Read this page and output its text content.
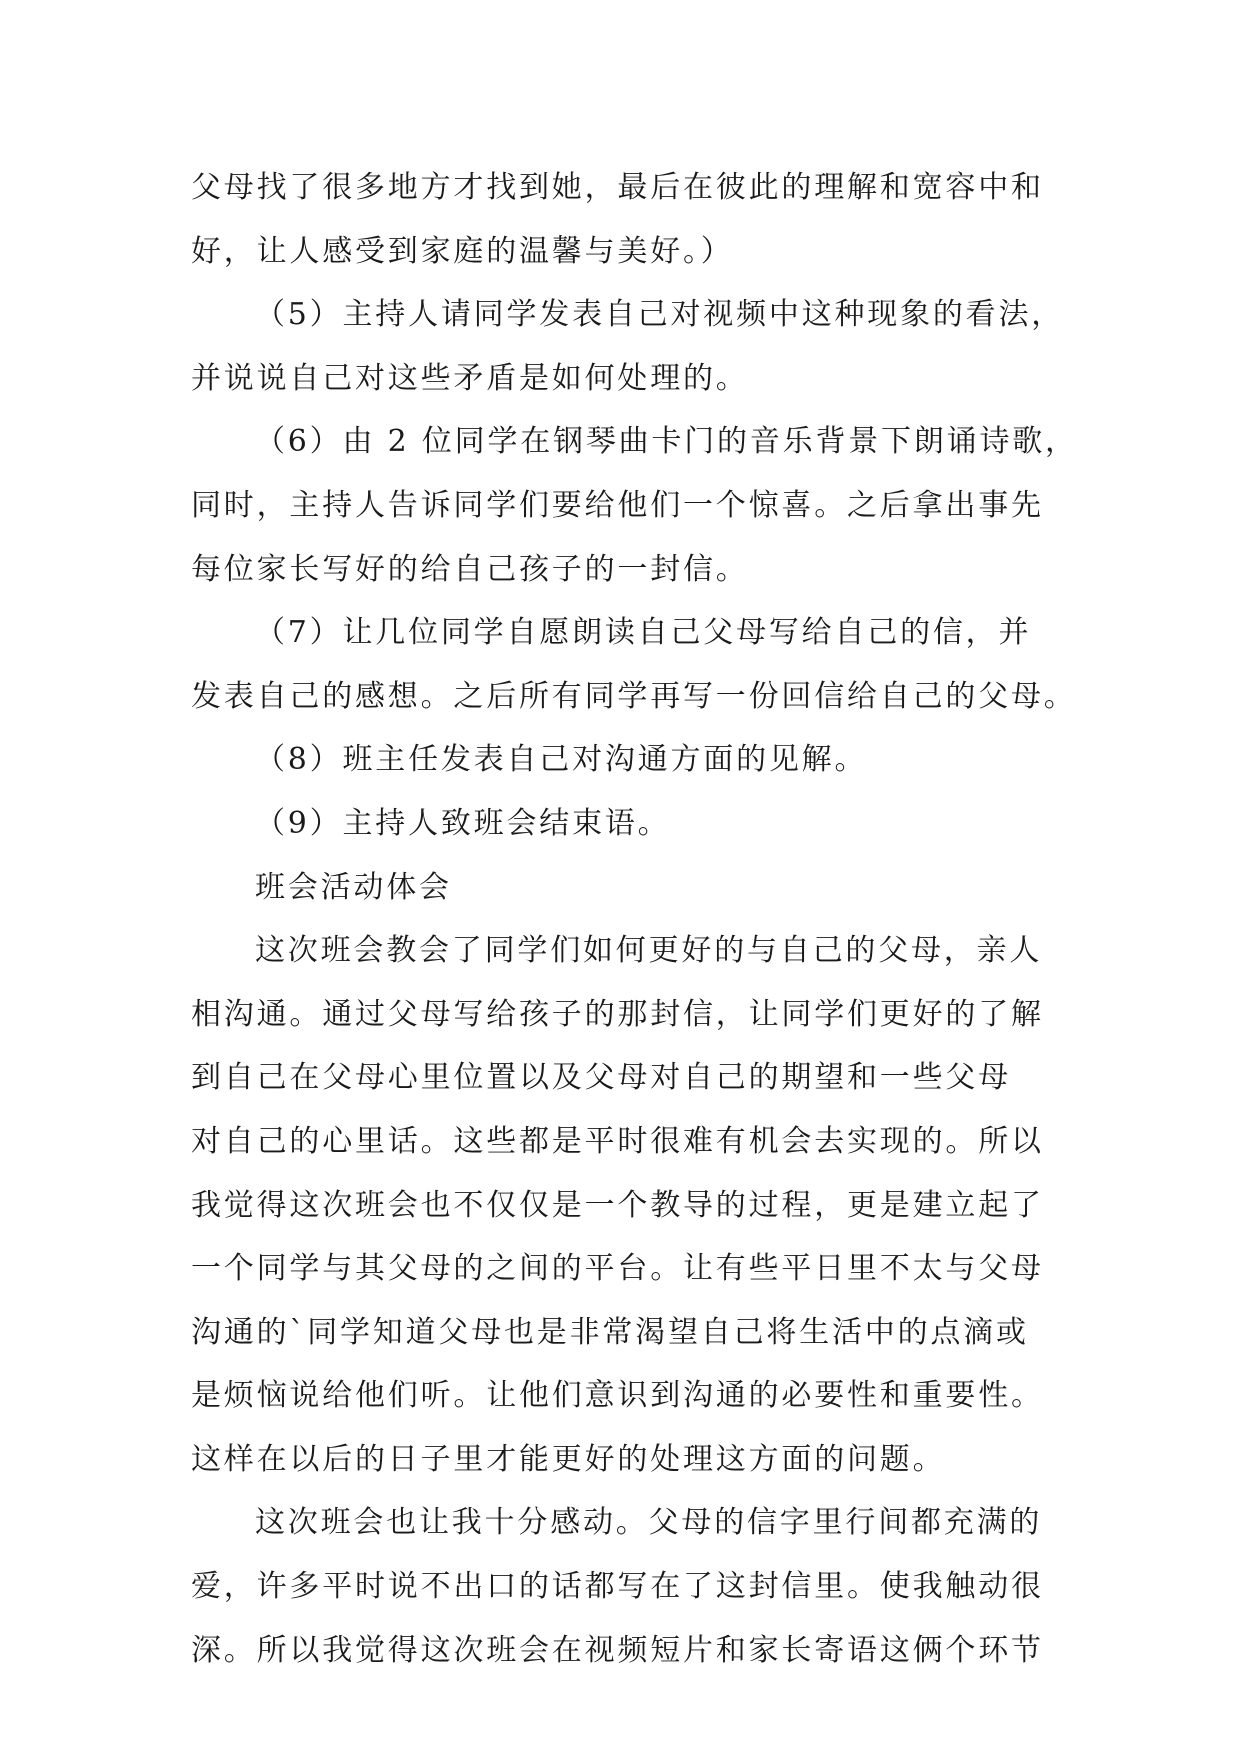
父母找了很多地方才找到她，最后在彼此的理解和宽容中和
好，让人感受到家庭的温馨与美好。）
（5）主持人请同学发表自己对视频中这种现象的看法，
并说说自己对这些矛盾是如何处理的。
（6）由 2 位同学在钢琴曲卡门的音乐背景下朗诵诗歌，
同时，主持人告诉同学们要给他们一个惊喜。之后拿出事先
每位家长写好的给自己孩子的一封信。
（7）让几位同学自愿朗读自己父母写给自己的信，并
发表自己的感想。之后所有同学再写一份回信给自己的父母。
（8）班主任发表自己对沟通方面的见解。
（9）主持人致班会结束语。
班会活动体会
这次班会教会了同学们如何更好的与自己的父母，亲人
相沟通。通过父母写给孩子的那封信，让同学们更好的了解
到自己在父母心里位置以及父母对自己的期望和一些父母
对自己的心里话。这些都是平时很难有机会去实现的。所以
我觉得这次班会也不仅仅是一个教导的过程，更是建立起了
一个同学与其父母的之间的平台。让有些平日里不太与父母
沟通的`同学知道父母也是非常渴望自己将生活中的点滴或
是烦恼说给他们听。让他们意识到沟通的必要性和重要性。
这样在以后的日子里才能更好的处理这方面的问题。
这次班会也让我十分感动。父母的信字里行间都充满的
爱，许多平时说不出口的话都写在了这封信里。使我触动很
深。所以我觉得这次班会在视频短片和家长寄语这俩个环节
